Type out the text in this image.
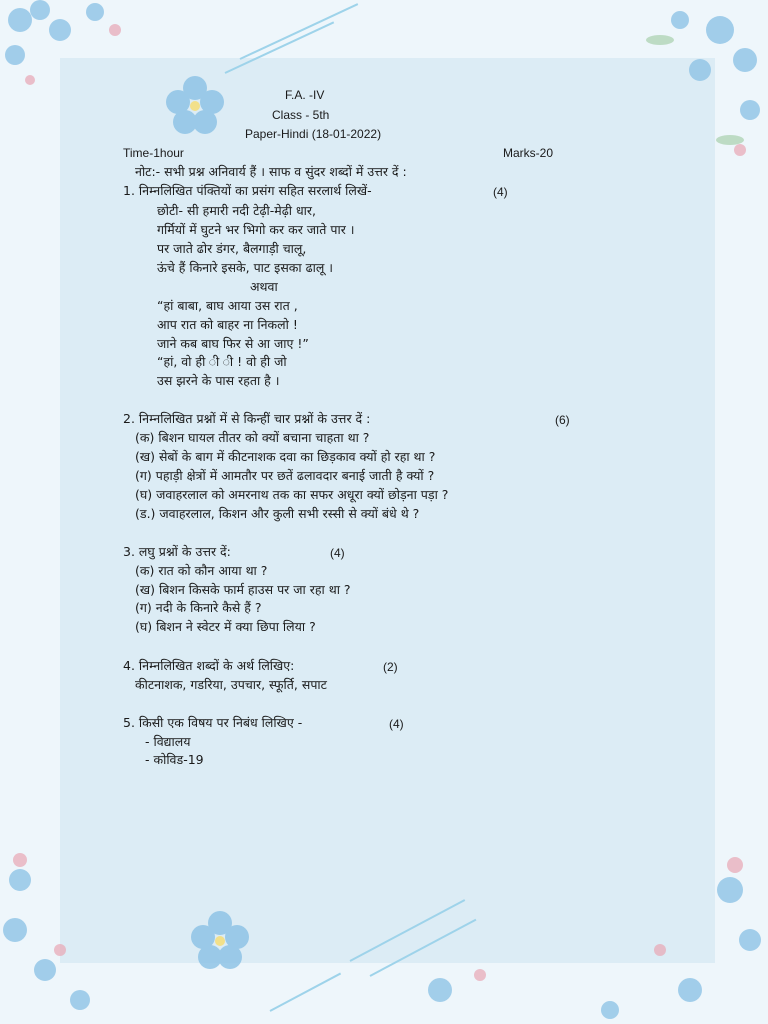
F.A. -IV
Class - 5th
Paper-Hindi (18-01-2022)
Time-1hour	Marks-20
नोट:- सभी प्रश्न अनिवार्य हैं । साफ व सुंदर शब्दों में उत्तर दें :
1. निम्नलिखित पंक्तियों का प्रसंग सहित सरलार्थ लिखें-	(4)
छोटी- सी हमारी नदी टेढ़ी-मेढ़ी धार,
गर्मियों में घुटने भर भिगो कर कर जाते पार ।
पर जाते ढोर डंगर, बैलगाड़ी चालू,
ऊंचे हैं किनारे इसके, पाट इसका ढालू ।
अथवा
“हां बाबा, बाघ आया उस रात ,
आप रात को बाहर ना निकलो !
जाने कब बाघ फिर से आ जाए !”
“हां, वो ही ी ी ! वो ही जो
उस झरने के पास रहता है ।
2. निम्नलिखित प्रश्नों में से किन्हीं चार प्रश्नों के उत्तर दें :	(6)
(क) बिशन घायल तीतर को क्यों बचाना चाहता था ?
(ख) सेबों के बाग में कीटनाशक दवा का छिड़काव क्यों हो रहा था ?
(ग) पहाड़ी क्षेत्रों में आमतौर पर छतें ढलावदार बनाई जाती है क्यों ?
(घ) जवाहरलाल को अमरनाथ तक का सफर अधूरा क्यों छोड़ना पड़ा ?
(ड.) जवाहरलाल, किशन और कुली सभी रस्सी से क्यों बंधे थे ?
3. लघु प्रश्नों के उत्तर दें:	(4)
(क) रात को कौन आया था ?
(ख) बिशन किसके फार्म हाउस पर जा रहा था ?
(ग) नदी के किनारे कैसे हैं ?
(घ) बिशन ने स्वेटर में क्या छिपा लिया ?
4. निम्नलिखित शब्दों के अर्थ लिखिए:	(2)
कीटनाशक, गडरिया, उपचार, स्फूर्ति, सपाट
5. किसी एक विषय पर निबंध लिखिए -	(4)
- विद्यालय
- कोविड-19
